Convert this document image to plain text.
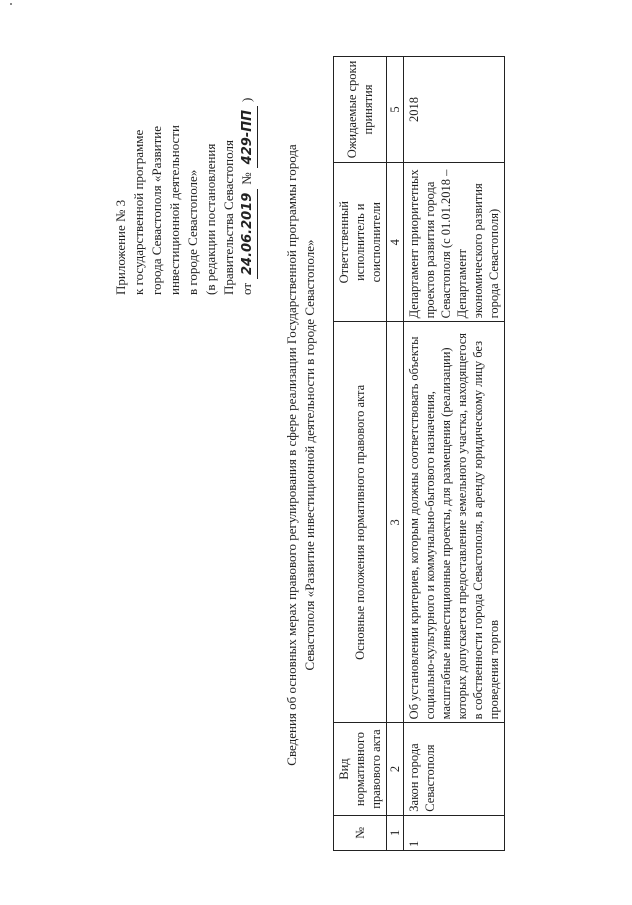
Приложение № 3 к государственной программе города Севастополя «Развитие инвестиционной деятельности в городе Севастополе» (в редакции постановления Правительства Севастополя от
24.06.2019
№
429-ПП
)
Сведения об основных мерах правового регулирования в сфере реализации Государственной программы города Севастополя «Развитие инвестиционной деятельности в городе Севастополе»
№	Вид нормативного правового акта	Основные положения нормативного правового акта	Ответственный исполнитель и соисполнители	Ожидаемые сроки принятия
1	2	3	4	5
1	Закон города Севастополя	Об установлении критериев, которым должны соответствовать объекты социально-культурного и коммунально-бытового назначения, масштабные инвестиционные проекты, для размещения (реализации) которых допускается предоставление земельного участка, находящегося в собственности города Севастополя, в аренду юридическому лицу без проведения торгов	Департамент приоритетных проектов развития города Севастополя (с 01.01.2018 – Департамент экономического развития города Севастополя)	2018
